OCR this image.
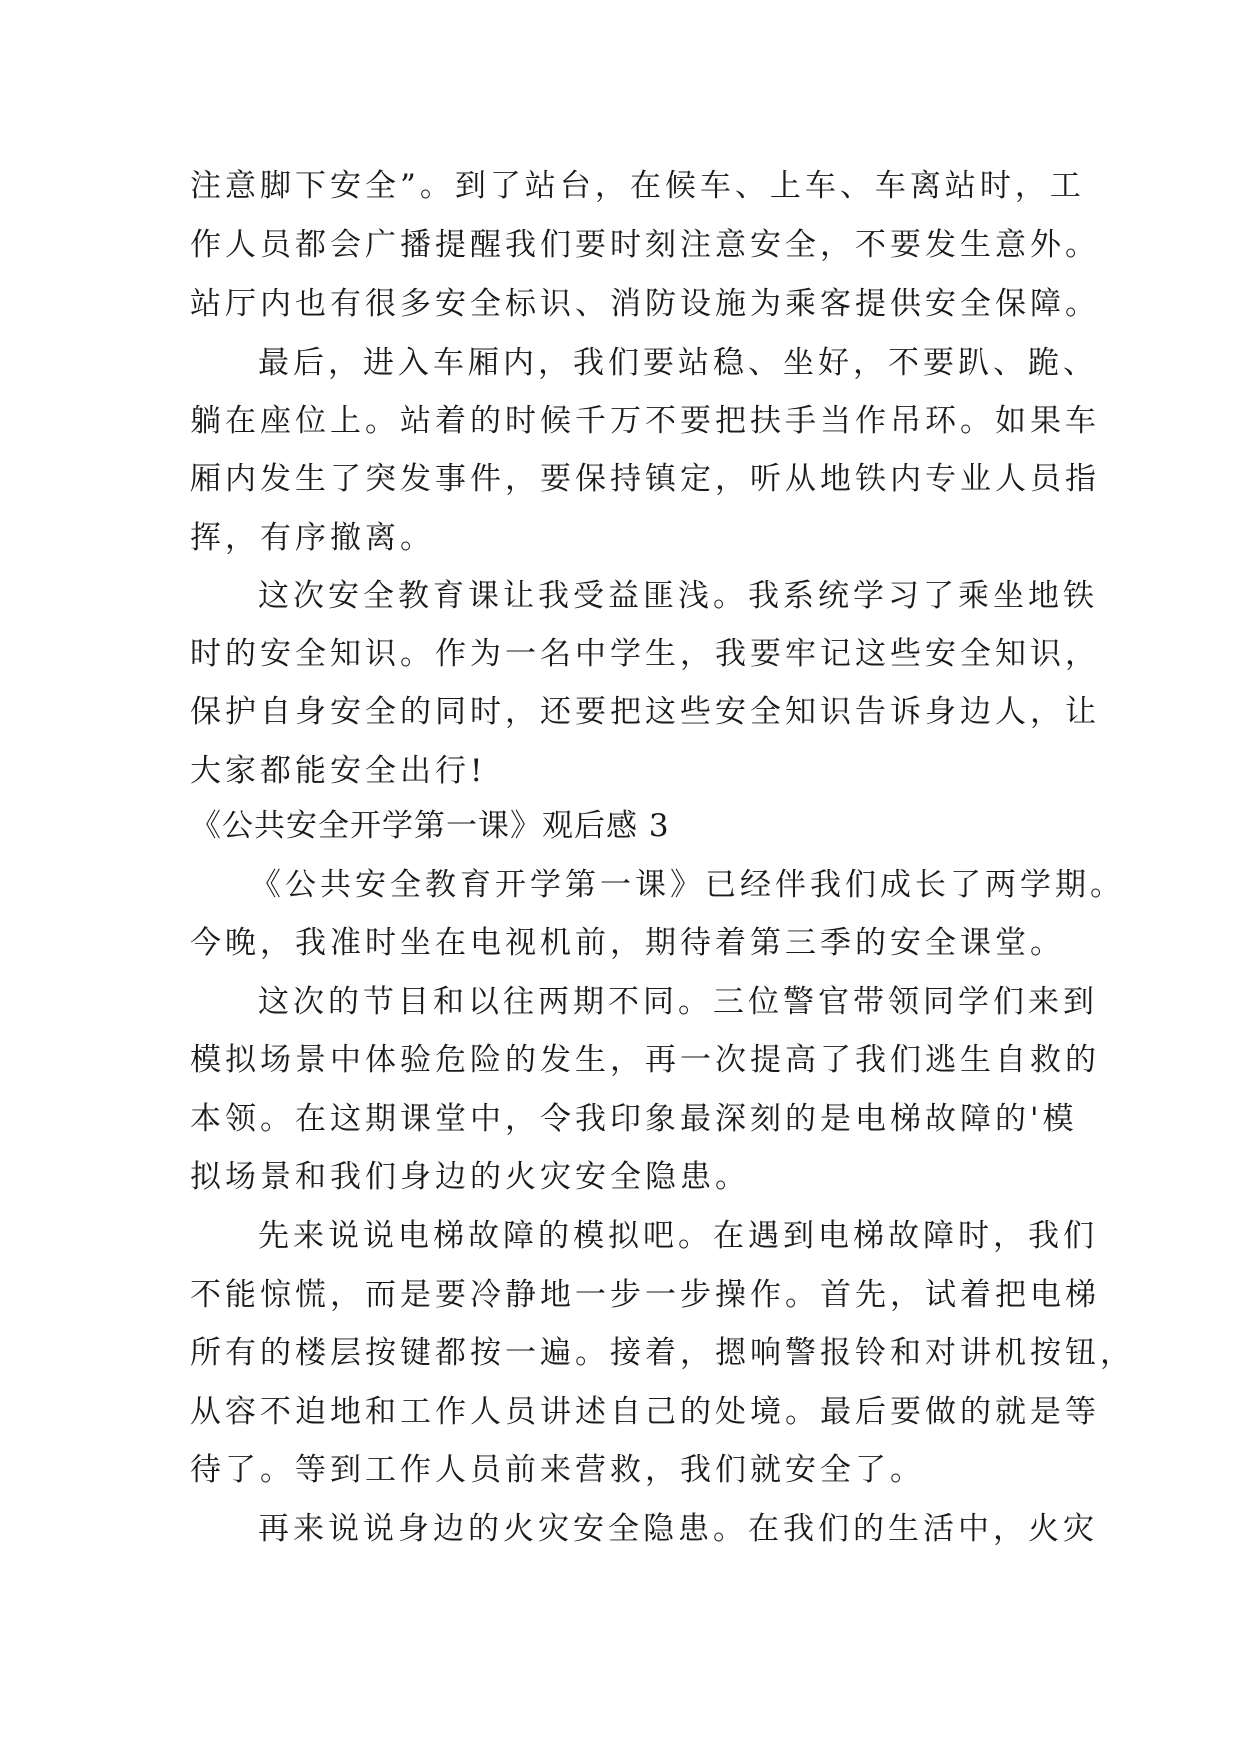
注意脚下安全”。到了站台，在候车、上车、车离站时，工
作人员都会广播提醒我们要时刻注意安全，不要发生意外。
站厅内也有很多安全标识、消防设施为乘客提供安全保障。
最后，进入车厢内，我们要站稳、坐好，不要趴、跪、
躺在座位上。站着的时候千万不要把扶手当作吊环。如果车
厢内发生了突发事件，要保持镇定，听从地铁内专业人员指
挥，有序撤离。
这次安全教育课让我受益匪浅。我系统学习了乘坐地铁
时的安全知识。作为一名中学生，我要牢记这些安全知识，
保护自身安全的同时，还要把这些安全知识告诉身边人，让
大家都能安全出行!
《公共安全开学第一课》观后感 3
《公共安全教育开学第一课》已经伴我们成长了两学期。
今晚，我准时坐在电视机前，期待着第三季的安全课堂。
这次的节目和以往两期不同。三位警官带领同学们来到
模拟场景中体验危险的发生，再一次提高了我们逃生自救的
本领。在这期课堂中，令我印象最深刻的是电梯故障的'模
拟场景和我们身边的火灾安全隐患。
先来说说电梯故障的模拟吧。在遇到电梯故障时，我们
不能惊慌，而是要冷静地一步一步操作。首先，试着把电梯
所有的楼层按键都按一遍。接着，摁响警报铃和对讲机按钮，
从容不迫地和工作人员讲述自己的处境。最后要做的就是等
待了。等到工作人员前来营救，我们就安全了。
再来说说身边的火灾安全隐患。在我们的生活中，火灾
